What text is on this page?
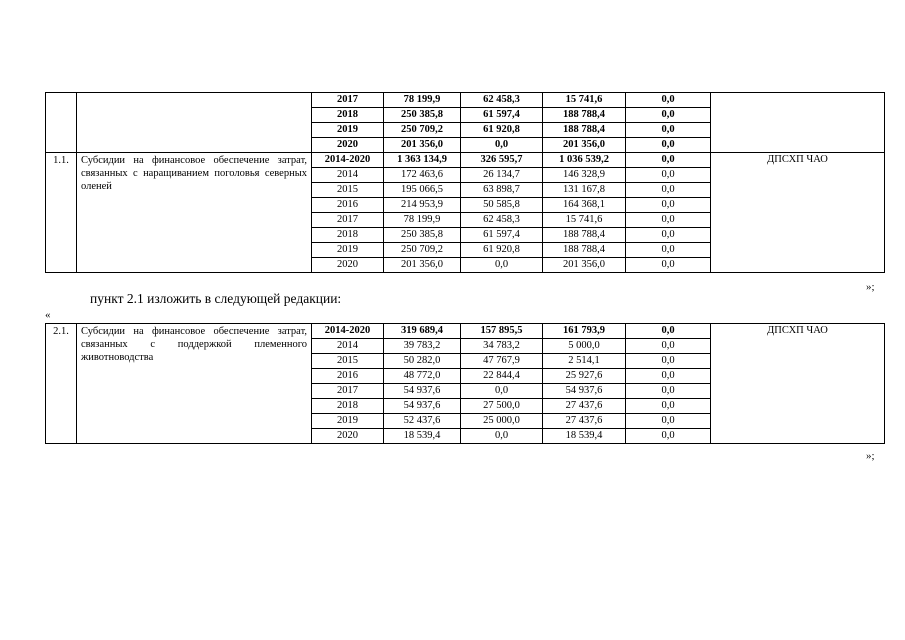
		2017	78 199,9	62 458,3	15 741,6	0,0	
		2018	250 385,8	61 597,4	188 788,4	0,0	
		2019	250 709,2	61 920,8	188 788,4	0,0	
		2020	201 356,0	0,0	201 356,0	0,0	
1.1.	Субсидии на финансовое обеспечение затрат, связанных с наращиванием поголовья северных оленей	2014-2020	1 363 134,9	326 595,7	1 036 539,2	0,0	ДПСХП ЧАО
		2014	172 463,6	26 134,7	146 328,9	0,0	
		2015	195 066,5	63 898,7	131 167,8	0,0	
		2016	214 953,9	50 585,8	164 368,1	0,0	
		2017	78 199,9	62 458,3	15 741,6	0,0	
		2018	250 385,8	61 597,4	188 788,4	0,0	
		2019	250 709,2	61 920,8	188 788,4	0,0	
		2020	201 356,0	0,0	201 356,0	0,0	
»;
пункт 2.1 изложить в следующей редакции:
«
2.1.	Субсидии на финансовое обеспечение затрат, связанных с поддержкой племенного животноводства	2014-2020	319 689,4	157 895,5	161 793,9	0,0	ДПСХП ЧАО
		2014	39 783,2	34 783,2	5 000,0	0,0	
		2015	50 282,0	47 767,9	2 514,1	0,0	
		2016	48 772,0	22 844,4	25 927,6	0,0	
		2017	54 937,6	0,0	54 937,6	0,0	
		2018	54 937,6	27 500,0	27 437,6	0,0	
		2019	52 437,6	25 000,0	27 437,6	0,0	
		2020	18 539,4	0,0	18 539,4	0,0	
»;
